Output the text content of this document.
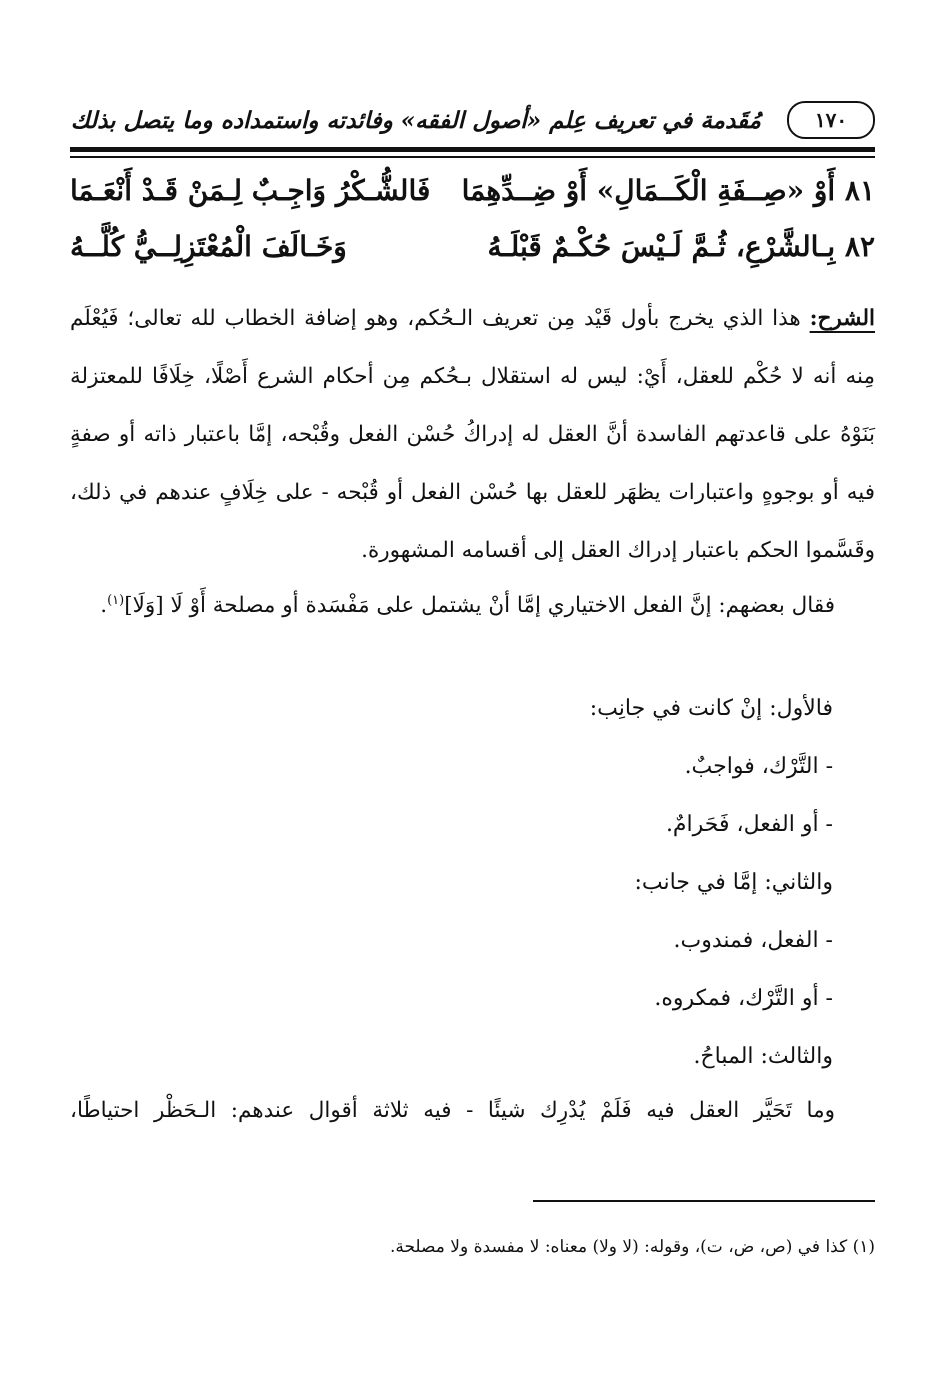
١٧٠
مُقَدمة في تعريف عِلم «أصول الفقه» وفائدته واستمداده وما يتصل بذلك
٨١ أَوْ «صِــفَةِ الْكَــمَالِ» أَوْ ضِــدِّهِمَا
فَالشُّـكْرُ وَاجِـبٌ لِـمَنْ قَـدْ أَنْعَـمَا
٨٢ بِـالشَّرْعِ، ثُـمَّ لَـيْسَ حُكْـمٌ قَبْلَـهُ
وَخَـالَفَ الْمُعْتَزِلِــيُّ كُلَّــهُ
الشرح: هذا الذي يخرج بأول قَيْد مِن تعريف الـحُكم، وهو إضافة الخطاب لله تعالى؛ فَيُعْلَم مِنه أنه لا حُكْم للعقل، أَيْ: ليس له استقلال بـحُكم مِن أحكام الشرع أَصْلًا، خِلَافًا للمعتزلة بَنَوْهُ على قاعدتهم الفاسدة أنَّ العقل له إدراكُ حُسْن الفعل وقُبْحه، إمَّا باعتبار ذاته أو صفةٍ فيه أو بوجوهٍ واعتبارات يظهَر للعقل بها حُسْن الفعل أو قُبْحه - على خِلَافٍ عندهم في ذلك، وقَسَّموا الحكم باعتبار إدراك العقل إلى أقسامه المشهورة.
فقال بعضهم: إنَّ الفعل الاختياري إمَّا أنْ يشتمل على مَفْسَدة أو مصلحة أَوْ لَا [وَلَا]$^{(١)}$.
فالأول: إنْ كانت في جانِب:
- التَّرْك، فواجبٌ.
- أو الفعل، فَحَرامٌ.
والثاني: إمَّا في جانب:
- الفعل، فمندوب.
- أو التَّرْك، فمكروه.
والثالث: المباحُ.
وما تَحَيَّر العقل فيه فَلَمْ يُدْرِك شيئًا - فيه ثلاثة أقوال عندهم: الـحَظْر احتياطًا،
(١) كذا في (ص، ض، ت)، وقوله: (لا ولا) معناه: لا مفسدة ولا مصلحة.
